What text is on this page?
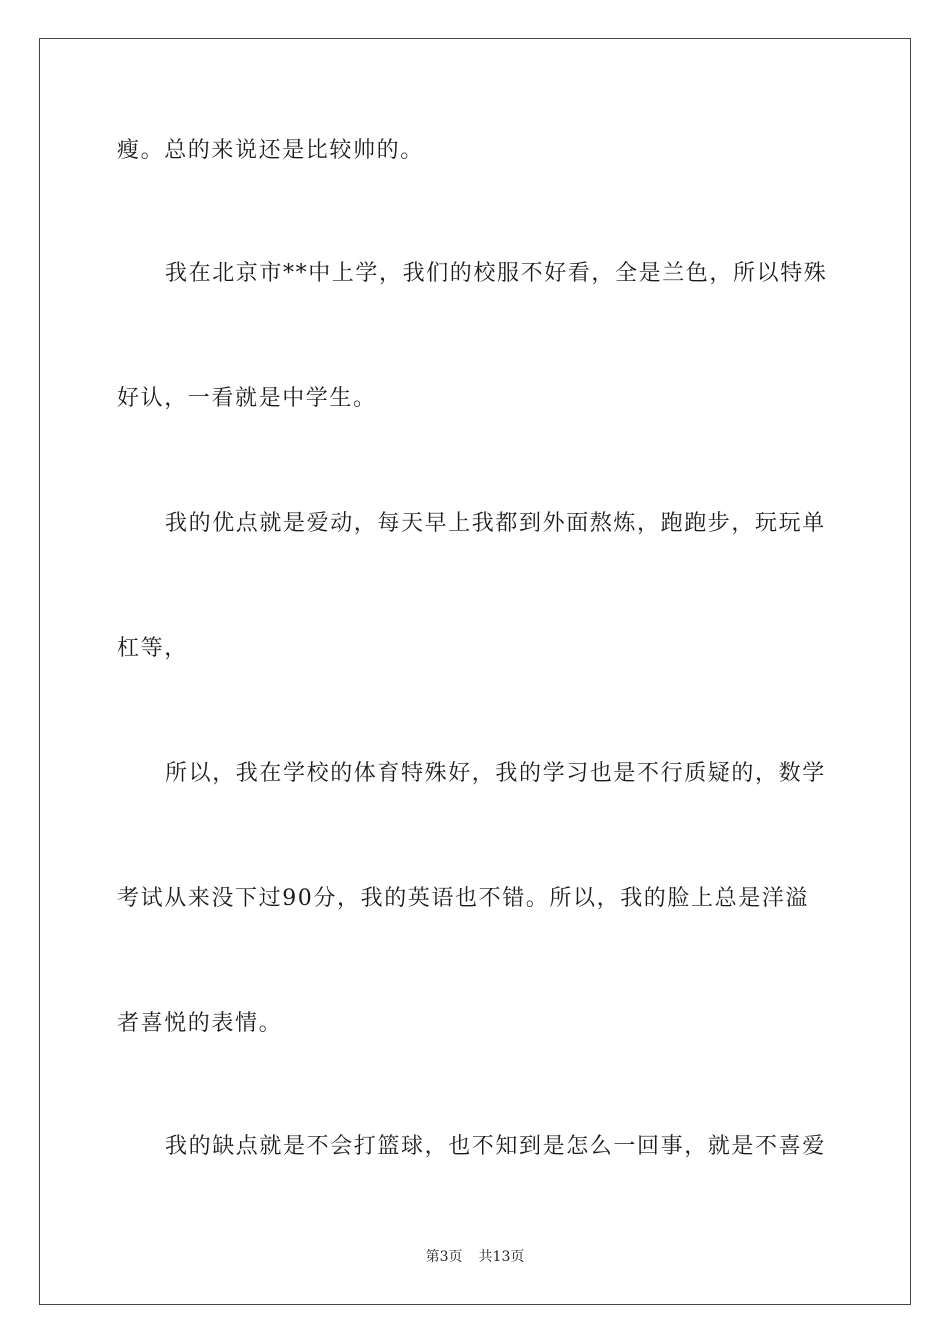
瘦。总的来说还是比较帅的。
我在北京市**中上学，我们的校服不好看，全是兰色，所以特殊
好认，一看就是中学生。
我的优点就是爱动，每天早上我都到外面熬炼，跑跑步，玩玩单
杠等，
所以，我在学校的体育特殊好，我的学习也是不行质疑的，数学
考试从来没下过90分，我的英语也不错。所以，我的脸上总是洋溢
者喜悦的表情。
我的缺点就是不会打篮球，也不知到是怎么一回事，就是不喜爱
第3页 共13页
